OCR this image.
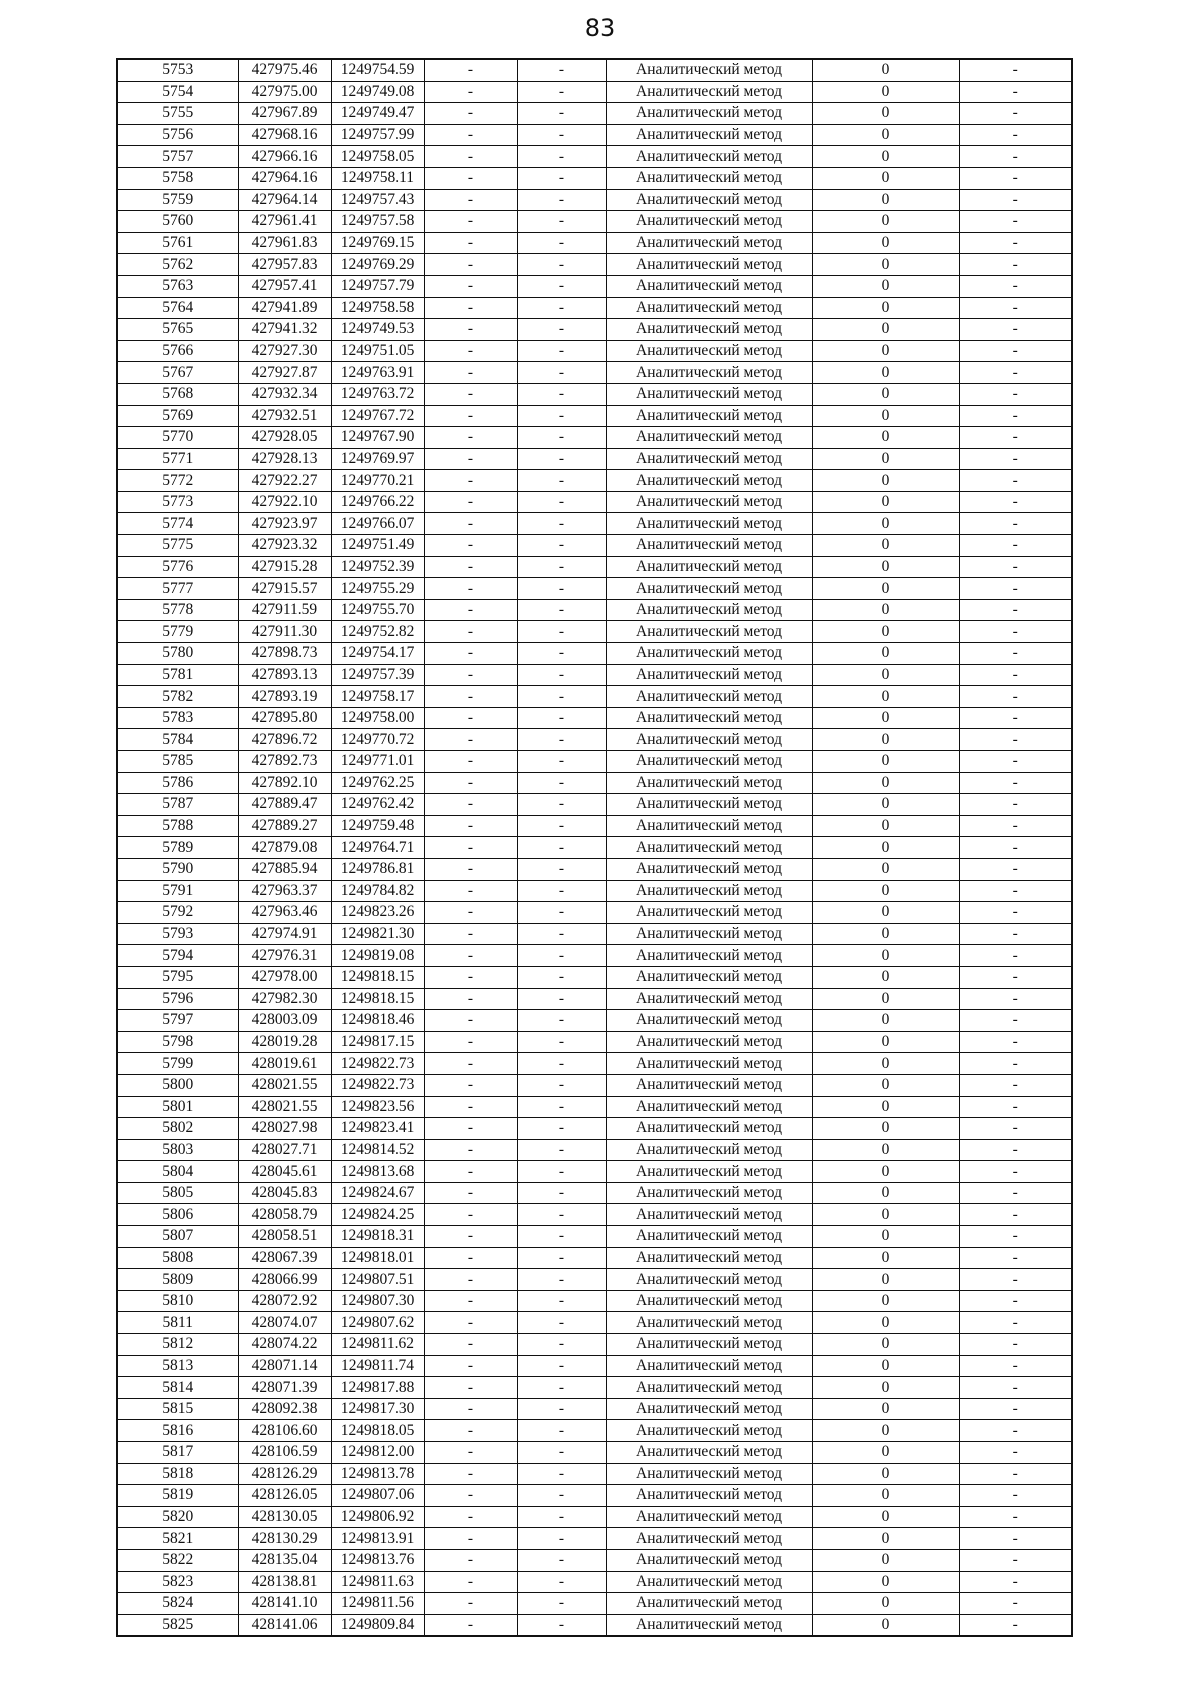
83
5753	427975.46	1249754.59	-	-	Аналитический метод	0	-
5754	427975.00	1249749.08	-	-	Аналитический метод	0	-
5755	427967.89	1249749.47	-	-	Аналитический метод	0	-
5756	427968.16	1249757.99	-	-	Аналитический метод	0	-
5757	427966.16	1249758.05	-	-	Аналитический метод	0	-
5758	427964.16	1249758.11	-	-	Аналитический метод	0	-
5759	427964.14	1249757.43	-	-	Аналитический метод	0	-
5760	427961.41	1249757.58	-	-	Аналитический метод	0	-
5761	427961.83	1249769.15	-	-	Аналитический метод	0	-
5762	427957.83	1249769.29	-	-	Аналитический метод	0	-
5763	427957.41	1249757.79	-	-	Аналитический метод	0	-
5764	427941.89	1249758.58	-	-	Аналитический метод	0	-
5765	427941.32	1249749.53	-	-	Аналитический метод	0	-
5766	427927.30	1249751.05	-	-	Аналитический метод	0	-
5767	427927.87	1249763.91	-	-	Аналитический метод	0	-
5768	427932.34	1249763.72	-	-	Аналитический метод	0	-
5769	427932.51	1249767.72	-	-	Аналитический метод	0	-
5770	427928.05	1249767.90	-	-	Аналитический метод	0	-
5771	427928.13	1249769.97	-	-	Аналитический метод	0	-
5772	427922.27	1249770.21	-	-	Аналитический метод	0	-
5773	427922.10	1249766.22	-	-	Аналитический метод	0	-
5774	427923.97	1249766.07	-	-	Аналитический метод	0	-
5775	427923.32	1249751.49	-	-	Аналитический метод	0	-
5776	427915.28	1249752.39	-	-	Аналитический метод	0	-
5777	427915.57	1249755.29	-	-	Аналитический метод	0	-
5778	427911.59	1249755.70	-	-	Аналитический метод	0	-
5779	427911.30	1249752.82	-	-	Аналитический метод	0	-
5780	427898.73	1249754.17	-	-	Аналитический метод	0	-
5781	427893.13	1249757.39	-	-	Аналитический метод	0	-
5782	427893.19	1249758.17	-	-	Аналитический метод	0	-
5783	427895.80	1249758.00	-	-	Аналитический метод	0	-
5784	427896.72	1249770.72	-	-	Аналитический метод	0	-
5785	427892.73	1249771.01	-	-	Аналитический метод	0	-
5786	427892.10	1249762.25	-	-	Аналитический метод	0	-
5787	427889.47	1249762.42	-	-	Аналитический метод	0	-
5788	427889.27	1249759.48	-	-	Аналитический метод	0	-
5789	427879.08	1249764.71	-	-	Аналитический метод	0	-
5790	427885.94	1249786.81	-	-	Аналитический метод	0	-
5791	427963.37	1249784.82	-	-	Аналитический метод	0	-
5792	427963.46	1249823.26	-	-	Аналитический метод	0	-
5793	427974.91	1249821.30	-	-	Аналитический метод	0	-
5794	427976.31	1249819.08	-	-	Аналитический метод	0	-
5795	427978.00	1249818.15	-	-	Аналитический метод	0	-
5796	427982.30	1249818.15	-	-	Аналитический метод	0	-
5797	428003.09	1249818.46	-	-	Аналитический метод	0	-
5798	428019.28	1249817.15	-	-	Аналитический метод	0	-
5799	428019.61	1249822.73	-	-	Аналитический метод	0	-
5800	428021.55	1249822.73	-	-	Аналитический метод	0	-
5801	428021.55	1249823.56	-	-	Аналитический метод	0	-
5802	428027.98	1249823.41	-	-	Аналитический метод	0	-
5803	428027.71	1249814.52	-	-	Аналитический метод	0	-
5804	428045.61	1249813.68	-	-	Аналитический метод	0	-
5805	428045.83	1249824.67	-	-	Аналитический метод	0	-
5806	428058.79	1249824.25	-	-	Аналитический метод	0	-
5807	428058.51	1249818.31	-	-	Аналитический метод	0	-
5808	428067.39	1249818.01	-	-	Аналитический метод	0	-
5809	428066.99	1249807.51	-	-	Аналитический метод	0	-
5810	428072.92	1249807.30	-	-	Аналитический метод	0	-
5811	428074.07	1249807.62	-	-	Аналитический метод	0	-
5812	428074.22	1249811.62	-	-	Аналитический метод	0	-
5813	428071.14	1249811.74	-	-	Аналитический метод	0	-
5814	428071.39	1249817.88	-	-	Аналитический метод	0	-
5815	428092.38	1249817.30	-	-	Аналитический метод	0	-
5816	428106.60	1249818.05	-	-	Аналитический метод	0	-
5817	428106.59	1249812.00	-	-	Аналитический метод	0	-
5818	428126.29	1249813.78	-	-	Аналитический метод	0	-
5819	428126.05	1249807.06	-	-	Аналитический метод	0	-
5820	428130.05	1249806.92	-	-	Аналитический метод	0	-
5821	428130.29	1249813.91	-	-	Аналитический метод	0	-
5822	428135.04	1249813.76	-	-	Аналитический метод	0	-
5823	428138.81	1249811.63	-	-	Аналитический метод	0	-
5824	428141.10	1249811.56	-	-	Аналитический метод	0	-
5825	428141.06	1249809.84	-	-	Аналитический метод	0	-
